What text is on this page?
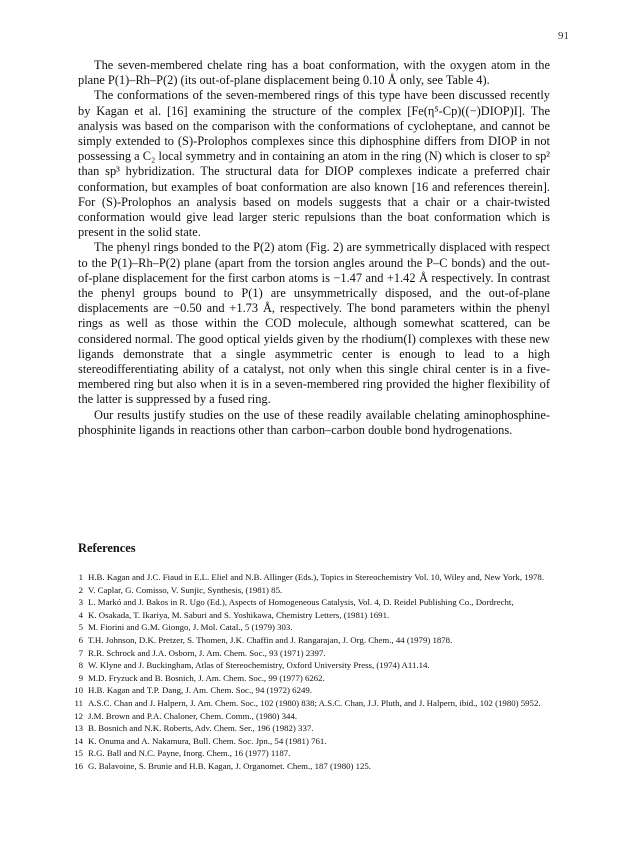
91

The seven-membered chelate ring has a boat conformation, with the oxygen atom in the plane P(1)–Rh–P(2) (its out-of-plane displacement being 0.10 Å only, see Table 4).

The conformations of the seven-membered rings of this type have been discussed recently by Kagan et al. [16] examining the structure of the complex [Fe(η⁵-Cp)((−)DIOP)I]. The analysis was based on the comparison with the conformations of cycloheptane, and cannot be simply extended to (S)-Prolophos complexes since this diphosphine differs from DIOP in not possessing a C₂ local symmetry and in containing an atom in the ring (N) which is closer to sp² than sp³ hybridization. The structural data for DIOP complexes indicate a preferred chair conformation, but examples of boat conformation are also known [16 and references therein]. For (S)-Prolophos an analysis based on models suggests that a chair or a chair-twisted conformation would give lead larger steric repulsions than the boat conformation which is present in the solid state.

The phenyl rings bonded to the P(2) atom (Fig. 2) are symmetrically displaced with respect to the P(1)–Rh–P(2) plane (apart from the torsion angles around the P–C bonds) and the out-of-plane displacement for the first carbon atoms is −1.47 and +1.42 Å respectively. In contrast the phenyl groups bound to P(1) are unsymmetrically disposed, and the out-of-plane displacements are −0.50 and +1.73 Å, respectively. The bond parameters within the phenyl rings as well as those within the COD molecule, although somewhat scattered, can be considered normal. The good optical yields given by the rhodium(I) complexes with these new ligands demonstrate that a single asymmetric center is enough to lead to a high stereodifferentiating ability of a catalyst, not only when this single chiral center is in a five-membered ring but also when it is in a seven-membered ring provided the higher flexibility of the latter is suppressed by a fused ring.

Our results justify studies on the use of these readily available chelating aminophosphine-phosphinite ligands in reactions other than carbon–carbon double bond hydrogenations.

References
1 H.B. Kagan and J.C. Fiaud in E.L. Eliel and N.B. Allinger (Eds.), Topics in Stereochemistry Vol. 10, Wiley and, New York, 1978.
2 V. Caplar, G. Comisso, V. Sunjic, Synthesis, (1981) 85.
3 L. Markó and J. Bakos in R. Ugo (Ed.), Aspects of Homogeneous Catalysis, Vol. 4, D. Reidel Publishing Co., Dordrecht,
4 K. Osakada, T. Ikariya, M. Saburi and S. Yoshikawa, Chemistry Letters, (1981) 1691.
5 M. Fiorini and G.M. Giongo, J. Mol. Catal., 5 (1979) 303.
6 T.H. Johnson, D.K. Pretzer, S. Thomen, J.K. Chaffin and J. Rangarajan, J. Org. Chem., 44 (1979) 1878.
7 R.R. Schrock and J.A. Osborn, J. Am. Chem. Soc., 93 (1971) 2397.
8 W. Klyne and J. Buckingham, Atlas of Stereochemistry, Oxford University Press, (1974) A11.14.
9 M.D. Fryzuck and B. Bosnich, J. Am. Chem. Soc., 99 (1977) 6262.
10 H.B. Kagan and T.P. Dang, J. Am. Chem. Soc., 94 (1972) 6249.
11 A.S.C. Chan and J. Halpern, J. Am. Chem. Soc., 102 (1980) 838; A.S.C. Chan, J.J. Pluth, and J. Halpern, ibid., 102 (1980) 5952.
12 J.M. Brown and P.A. Chaloner, Chem. Comm., (1980) 344.
13 B. Bosnich and N.K. Roberts, Adv. Chem. Ser., 196 (1982) 337.
14 K. Onuma and A. Nakamura, Bull. Chem. Soc. Jpn., 54 (1981) 761.
15 R.G. Ball and N.C. Payne, Inorg. Chem., 16 (1977) 1187.
16 G. Balavoine, S. Brunie and H.B. Kagan, J. Organomet. Chem., 187 (1980) 125.
